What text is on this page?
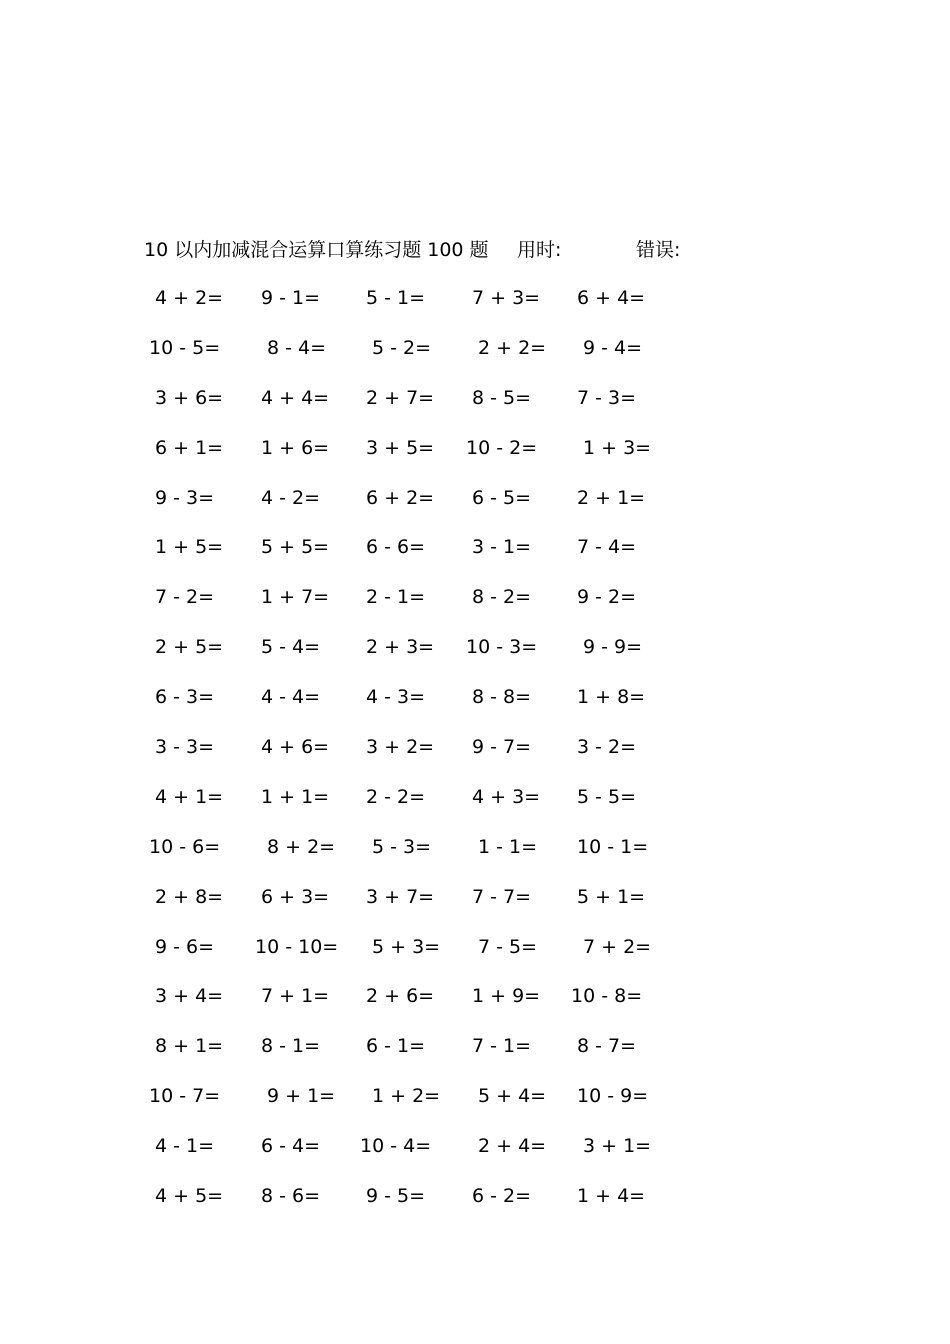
10 以内加减混合运算口算练习题 100 题 用时:	错误:
4 + 2= 9 - 1= 5 - 1= 7 + 3= 6 + 4=
10 - 5= 8 - 4= 5 - 2= 2 + 2= 9 - 4=
3 + 6= 4 + 4= 2 + 7= 8 - 5= 7 - 3=
6 + 1= 1 + 6= 3 + 5= 10 - 2= 1 + 3=
9 - 3= 4 - 2= 6 + 2= 6 - 5= 2 + 1=
1 + 5= 5 + 5= 6 - 6= 3 - 1= 7 - 4=
7 - 2= 1 + 7= 2 - 1= 8 - 2= 9 - 2=
2 + 5= 5 - 4= 2 + 3= 10 - 3= 9 - 9=
6 - 3= 4 - 4= 4 - 3= 8 - 8= 1 + 8=
3 - 3= 4 + 6= 3 + 2= 9 - 7= 3 - 2=
4 + 1= 1 + 1= 2 - 2= 4 + 3= 5 - 5=
10 - 6= 8 + 2= 5 - 3= 1 - 1= 10 - 1=
2 + 8= 6 + 3= 3 + 7= 7 - 7= 5 + 1=
9 - 6= 10 - 10= 5 + 3= 7 - 5= 7 + 2=
3 + 4= 7 + 1= 2 + 6= 1 + 9= 10 - 8=
8 + 1= 8 - 1= 6 - 1= 7 - 1= 8 - 7=
10 - 7= 9 + 1= 1 + 2= 5 + 4= 10 - 9=
4 - 1= 6 - 4= 10 - 4= 2 + 4= 3 + 1=
4 + 5= 8 - 6= 9 - 5= 6 - 2= 1 + 4=
